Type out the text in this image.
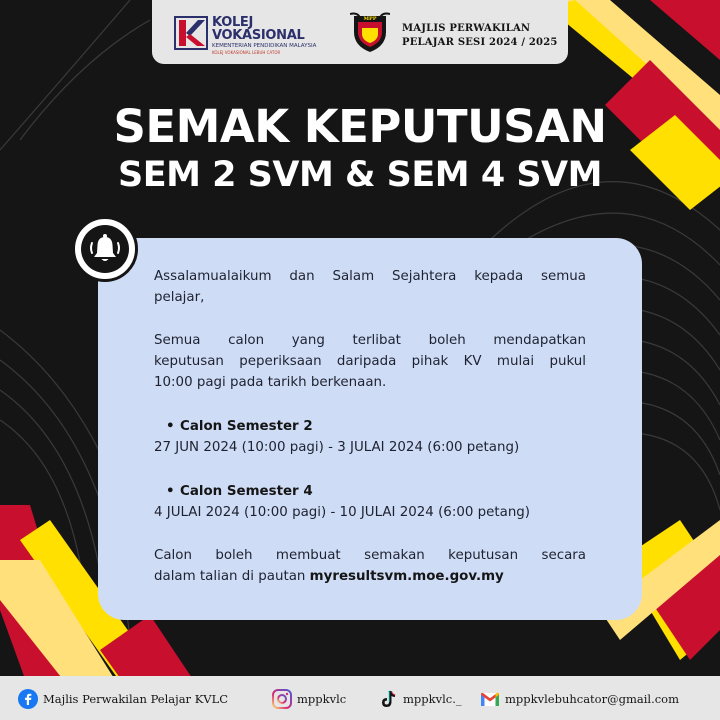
KOLEJ
VOKASIONAL
KEMENTERIAN PENDIDIKAN MALAYSIA
KOLEJ VOKASIONAL LEBUH CATOR
MPP
MAJLIS PERWAKILAN
PELAJAR SESI 2024 / 2025
SEMAK KEPUTUSAN
SEM 2 SVM & SEM 4 SVM
Assalamualaikum dan Salam Sejahtera kepada semua
pelajar,
Semua calon yang terlibat boleh mendapatkan
keputusan peperiksaan daripada pihak KV mulai pukul
10:00 pagi pada tarikh berkenaan.
• Calon Semester 2
27 JUN 2024 (10:00 pagi) - 3 JULAI 2024 (6:00 petang)
• Calon Semester 4
4 JULAI 2024 (10:00 pagi) - 10 JULAI 2024 (6:00 petang)
Calon boleh membuat semakan keputusan secara
dalam talian di pautan myresultsvm.moe.gov.my
Majlis Perwakilan Pelajar KVLC	mppkvlc	mppkvlc._	mppkvlebuhcator@gmail.com
